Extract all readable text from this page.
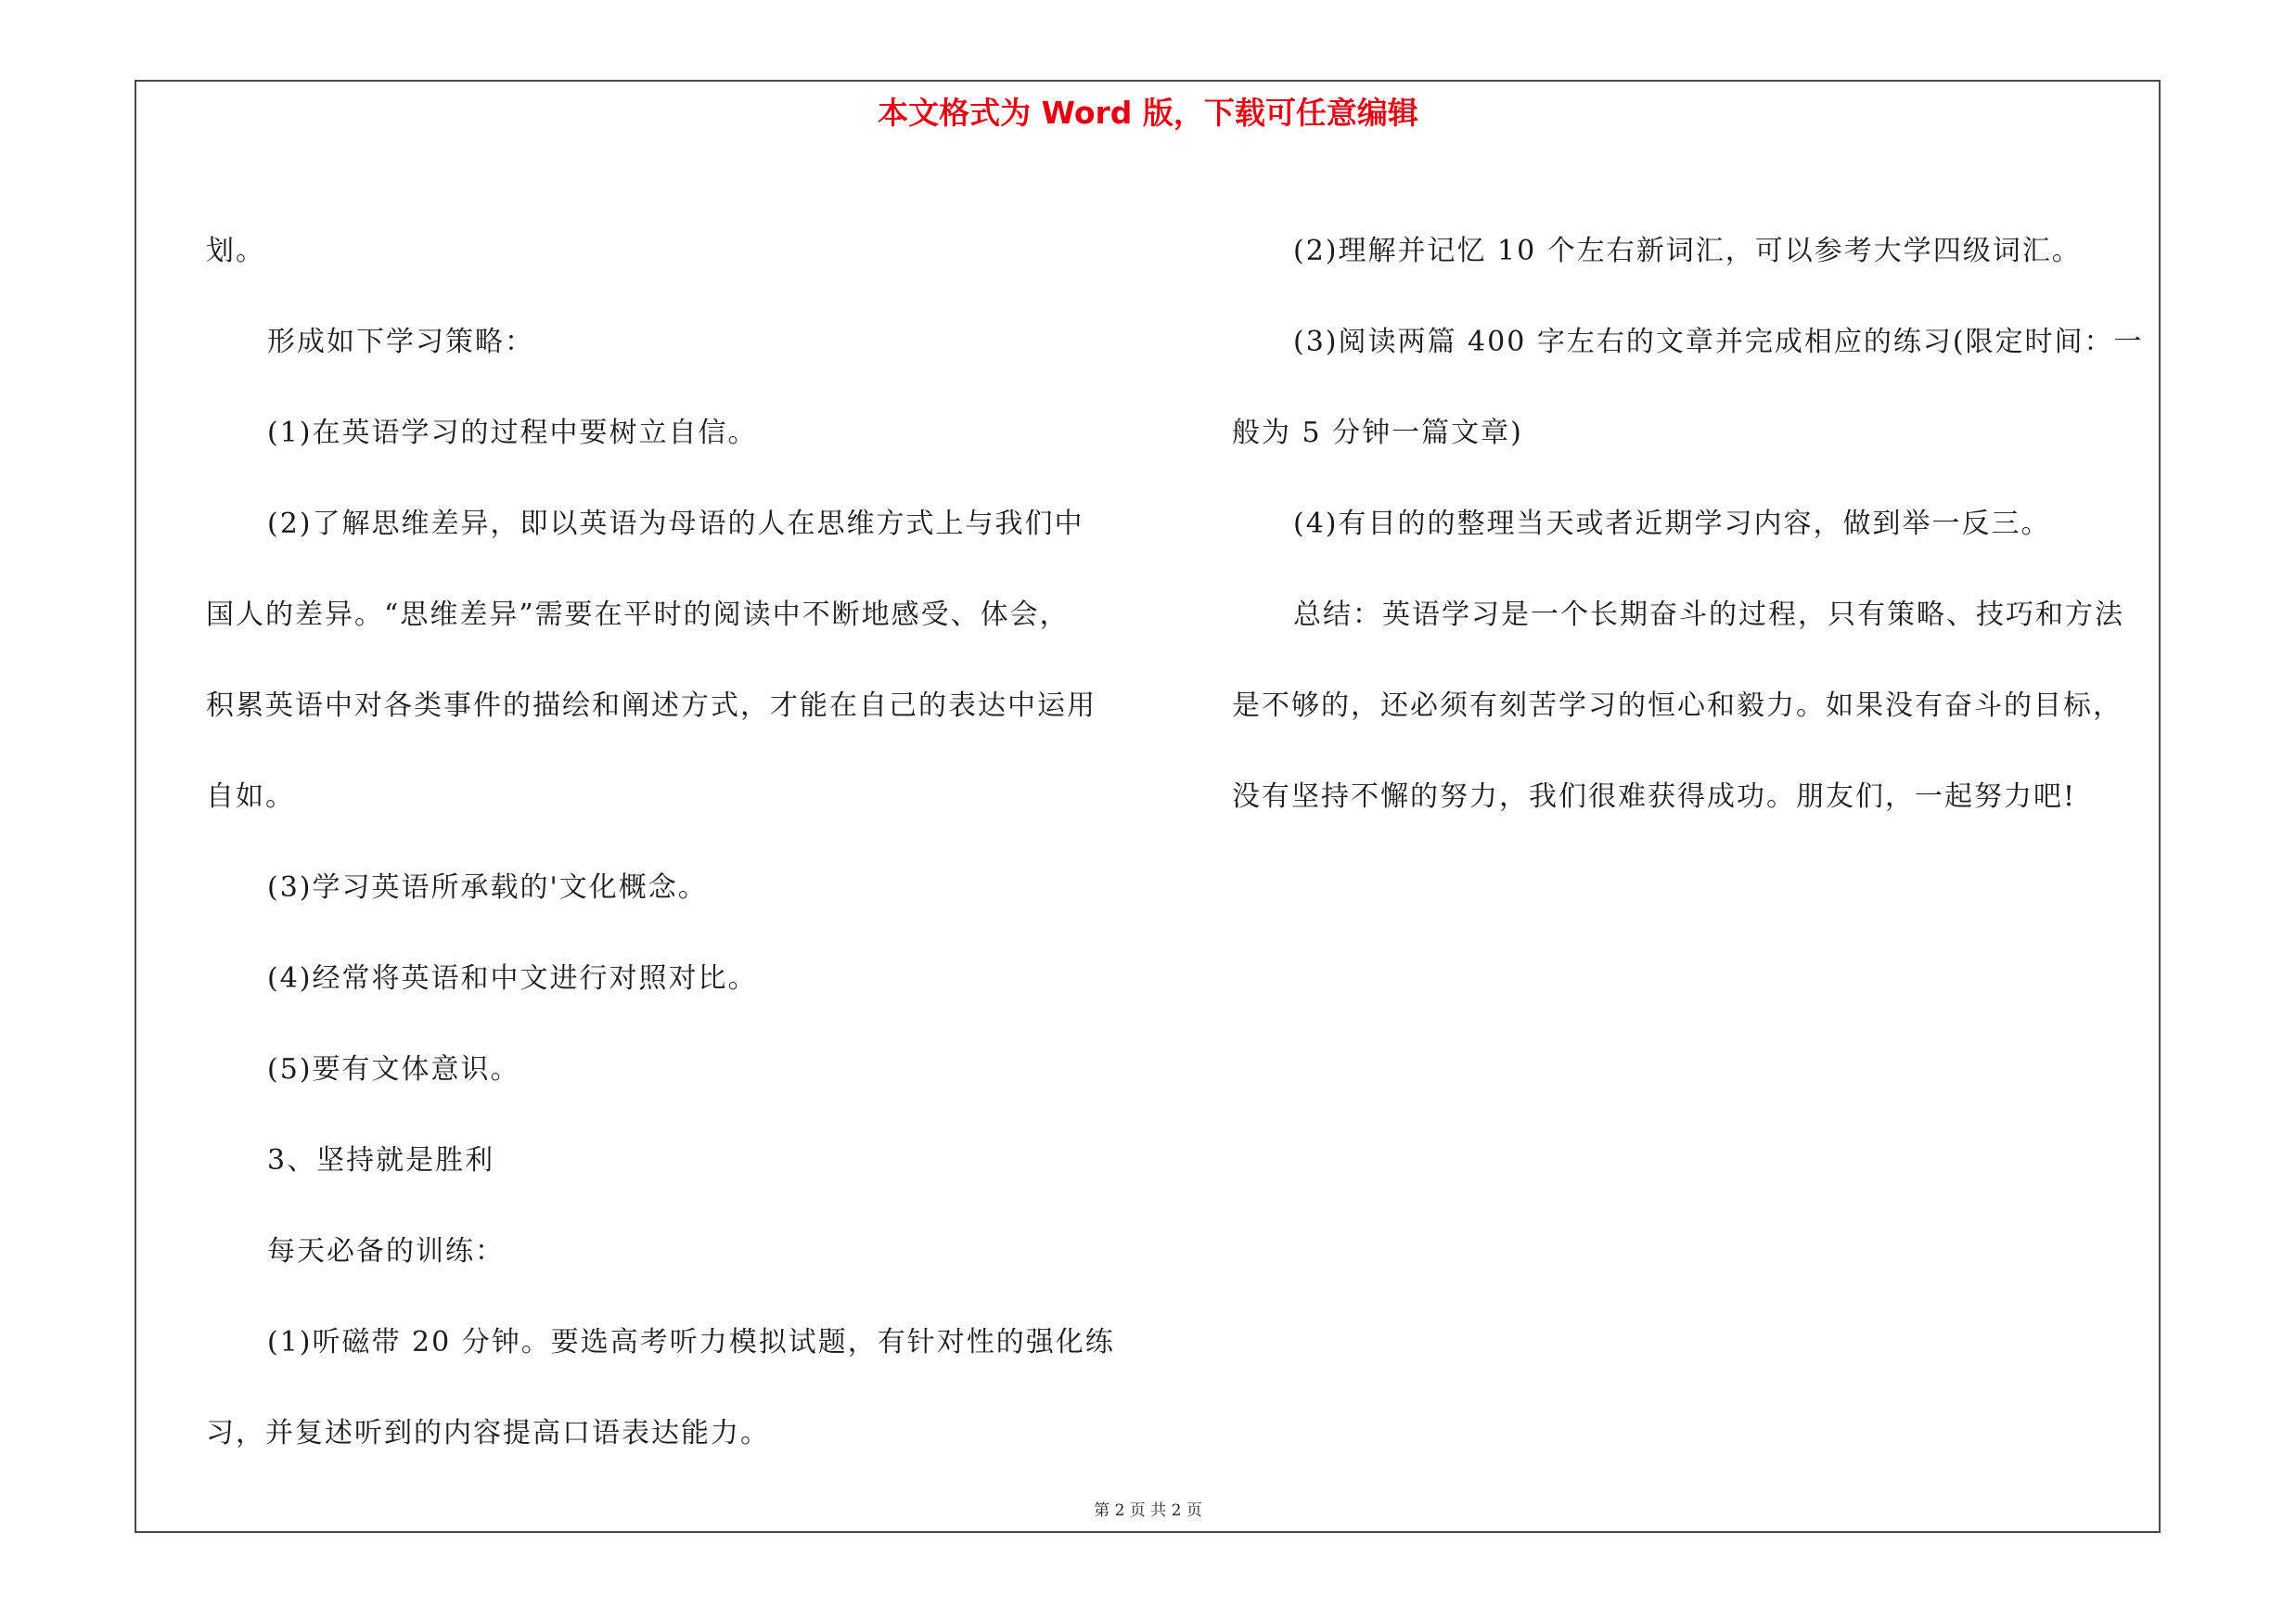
本文格式为 Word 版，下载可任意编辑

划。

形成如下学习策略：

(1)在英语学习的过程中要树立自信。

(2)了解思维差异，即以英语为母语的人在思维方式上与我们中

国人的差异。“思维差异”需要在平时的阅读中不断地感受、体会，

积累英语中对各类事件的描绘和阐述方式，才能在自己的表达中运用

自如。

(3)学习英语所承载的'文化概念。

(4)经常将英语和中文进行对照对比。

(5)要有文体意识。

3、坚持就是胜利

每天必备的训练：

(1)听磁带 20 分钟。要选高考听力模拟试题，有针对性的强化练

习，并复述听到的内容提高口语表达能力。

(2)理解并记忆 10 个左右新词汇，可以参考大学四级词汇。

(3)阅读两篇 400 字左右的文章并完成相应的练习(限定时间：一

般为 5 分钟一篇文章)

(4)有目的的整理当天或者近期学习内容，做到举一反三。

总结：英语学习是一个长期奋斗的过程，只有策略、技巧和方法

是不够的，还必须有刻苦学习的恒心和毅力。如果没有奋斗的目标，

没有坚持不懈的努力，我们很难获得成功。朋友们，一起努力吧!

第 2 页 共 2 页
